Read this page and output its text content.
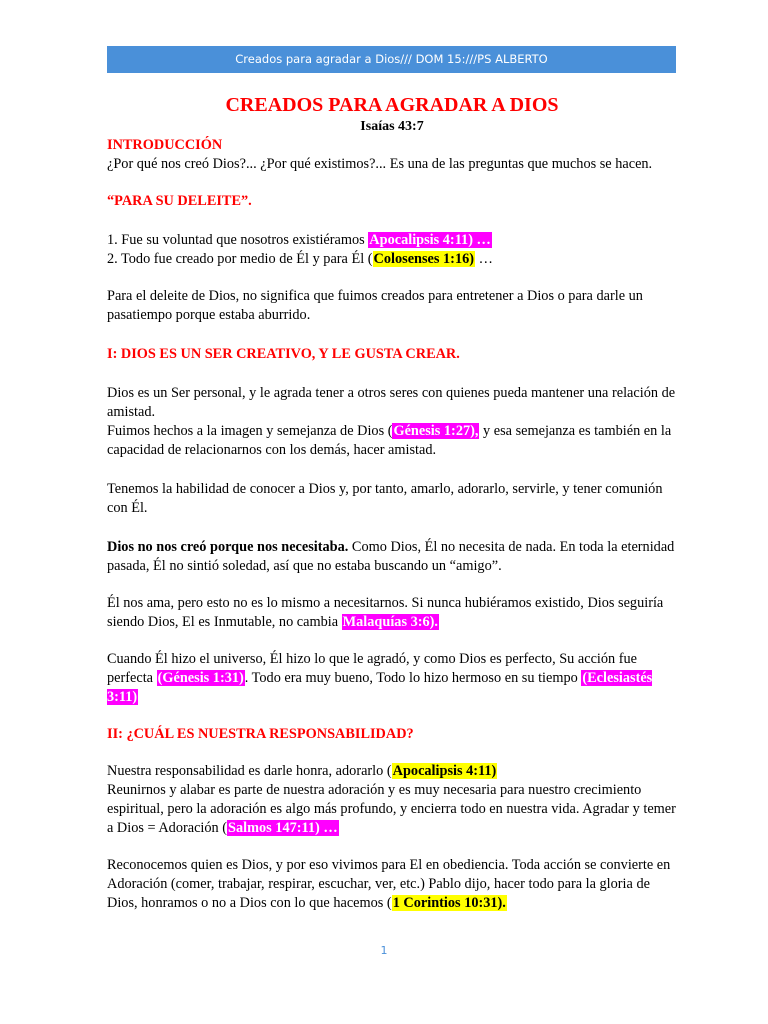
Creados para agradar a Dios/// DOM 15:///PS ALBERTO
CREADOS PARA AGRADAR A DIOS

Isaías 43:7

INTRODUCCIÓN

¿Por qué nos creó Dios?... ¿Por qué existimos?... Es una de las preguntas que muchos se hacen.

“PARA SU DELEITE”.

1. Fue su voluntad que nosotros existiéramos Apocalipsis 4:11) …

2. Todo fue creado por medio de Él y para Él (Colosenses 1:16) …

Para el deleite de Dios, no significa que fuimos creados para entretener a Dios o para darle un pasatiempo porque estaba aburrido.

I: DIOS ES UN SER CREATIVO, Y LE GUSTA CREAR.

Dios es un Ser personal, y le agrada tener a otros seres con quienes pueda mantener una relación de amistad.

Fuimos hechos a la imagen y semejanza de Dios (Génesis 1:27), y esa semejanza es también en la capacidad de relacionarnos con los demás, hacer amistad.

Tenemos la habilidad de conocer a Dios y, por tanto, amarlo, adorarlo, servirle, y tener comunión con Él.

Dios no nos creó porque nos necesitaba. Como Dios, Él no necesita de nada. En toda la eternidad pasada, Él no sintió soledad, así que no estaba buscando un “amigo”.

Él nos ama, pero esto no es lo mismo a necesitarnos. Si nunca hubiéramos existido, Dios seguiría siendo Dios, El es Inmutable, no cambia Malaquías 3:6).

Cuando Él hizo el universo, Él hizo lo que le agradó, y como Dios es perfecto, Su acción fue perfecta (Génesis 1:31). Todo era muy bueno, Todo lo hizo hermoso en su tiempo (Eclesiastés 3:11)

II: ¿CUÁL ES NUESTRA RESPONSABILIDAD?

Nuestra responsabilidad es darle honra, adorarlo (Apocalipsis 4:11)
Reunirnos y alabar es parte de nuestra adoración y es muy necesaria para nuestro crecimiento espiritual, pero la adoración es algo más profundo, y encierra todo en nuestra vida. Agradar y temer a Dios = Adoración (Salmos 147:11) …

Reconocemos quien es Dios, y por eso vivimos para El en obediencia. Toda acción se convierte en Adoración (comer, trabajar, respirar, escuchar, ver, etc.) Pablo dijo, hacer todo para la gloria de Dios, honramos o no a Dios con lo que hacemos (1 Corintios 10:31).

1
